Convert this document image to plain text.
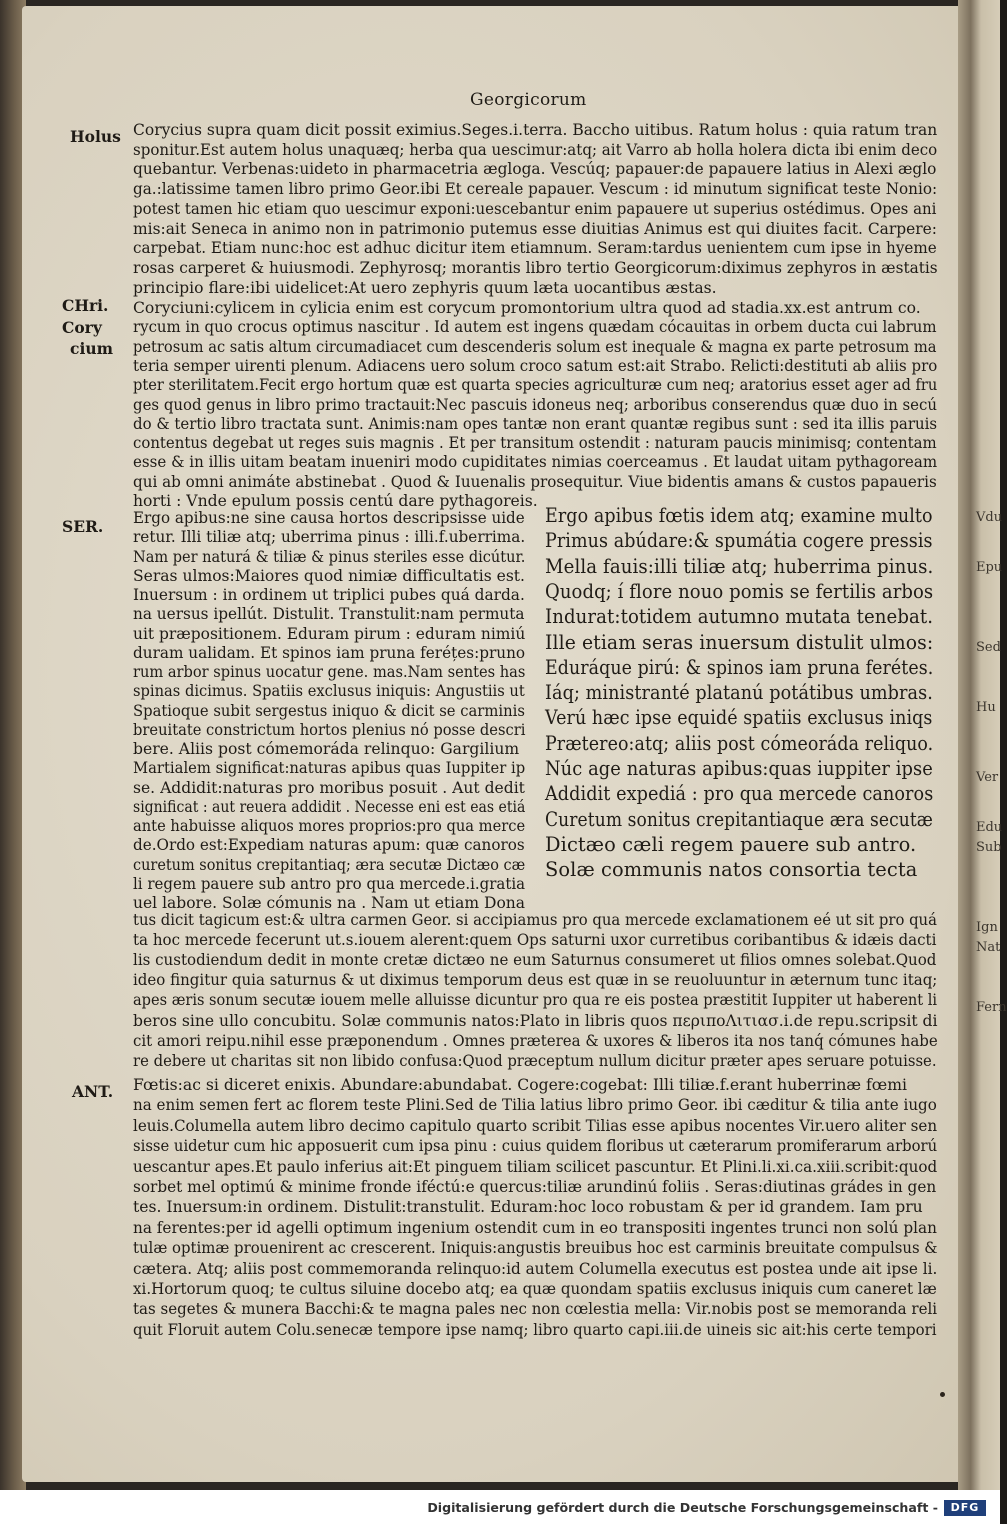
Georgicorum
Holus
CHri.
Cory
cium
SER.
ANT.
Corycius supra quam dicit possit eximius.Seges.i.terra. Baccho uitibus. Ratum holus : quia ratum tran
sponitur.Est autem holus unaquæq; herba qua uescimur:atq; ait Varro ab holla holera dicta ibi enim deco
quebantur. Verbenas:uideto in pharmacetria ægloga. Vescúq; papauer:de papauere latius in Alexi æglo
ga.:latissime tamen libro primo Geor.ibi Et cereale papauer. Vescum : id minutum significat teste Nonio:
potest tamen hic etiam quo uescimur exponi:uescebantur enim papauere ut superius ostédimus. Opes ani
mis:ait Seneca in animo non in patrimonio putemus esse diuitias Animus est qui diuites facit. Carpere:
carpebat. Etiam nunc:hoc est adhuc dicitur item etiamnum. Seram:tardus uenientem cum ipse in hyeme
rosas carperet & huiusmodi. Zephyrosq; morantis libro tertio Georgicorum:diximus zephyros in æstatis
principio flare:ibi uidelicet:At uero zephyris quum læta uocantibus æstas.
Coryciuni:cylicem in cylicia enim est corycum promontorium ultra quod ad stadia.xx.est antrum co.
rycum in quo crocus optimus nascitur . Id autem est ingens quædam cócauitas in orbem ducta cui labrum
petrosum ac satis altum circumadiacet cum descenderis solum est inequale & magna ex parte petrosum ma
teria semper uirenti plenum. Adiacens uero solum croco satum est:ait Strabo. Relicti:destituti ab aliis pro
pter sterilitatem.Fecit ergo hortum quæ est quarta species agriculturæ cum neq; aratorius esset ager ad fru
ges quod genus in libro primo tractauit:Nec pascuis idoneus neq; arboribus conserendus quæ duo in secú
do & tertio libro tractata sunt. Animis:nam opes tantæ non erant quantæ regibus sunt : sed ita illis paruis
contentus degebat ut reges suis magnis . Et per transitum ostendit : naturam paucis minimisq; contentam
esse & in illis uitam beatam inueniri modo cupiditates nimias coerceamus . Et laudat uitam pythagoream
qui ab omni animáte abstinebat . Quod & Iuuenalis prosequitur. Viue bidentis amans & custos papaueris
horti : Vnde epulum possis centú dare pythagoreis.
Ergo apibus:ne sine causa hortos descripsisse uide
retur. Illi tiliæ atq; uberrima pinus : illi.f.uberrima.
Nam per naturá & tiliæ & pinus steriles esse dicútur.
Seras ulmos:Maiores quod nimiæ difficultatis est.
Inuersum : in ordinem ut triplici pubes quá darda.
na uersus ipellút. Distulit. Transtulit:nam permuta
uit præpositionem. Eduram pirum : eduram nimiú
duram ualidam. Et spinos iam pruna feréțes:pruno
rum arbor spinus uocatur gene. mas.Nam sentes has
spinas dicimus. Spatiis exclusus iniquis: Angustiis ut
Spatioque subit sergestus iniquo & dicit se carminis
breuitate constrictum hortos plenius nó posse descri
bere. Aliis post cómemoráda relinquo: Gargilium
Martialem significat:naturas apibus quas Iuppiter ip
se. Addidit:naturas pro moribus posuit . Aut dedit
significat : aut reuera addidit . Necesse eni est eas etiá
ante habuisse aliquos mores proprios:pro qua merce
de.Ordo est:Expediam naturas apum: quæ canoros
curetum sonitus crepitantiaq; æra secutæ Dictæo cæ
li regem pauere sub antro pro qua mercede.i.gratia
uel labore. Solæ cómunis na . Nam ut etiam Dona
Ergo apibus fœtis idem atq; examine multo
Primus abúdare:& spumátia cogere pressis
Mella fauis:illi tiliæ atq; huberrima pinus.
Quodq; í flore nouo pomis se fertilis arbos
Indurat:totidem autumno mutata tenebat.
Ille etiam seras inuersum distulit ulmos:
Eduráque pirú: & spinos iam pruna ferétes.
Iáq; ministranté platanú potátibus umbras.
Verú hæc ipse equidé spatiis exclusus iniqs
Prætereo:atq; aliis post cómeoráda reliquo.
Núc age naturas apibus:quas iuppiter ipse
Addidit expediá : pro qua mercede canoros
Curetum sonitus crepitantiaque æra secutæ
Dictæo cæli regem pauere sub antro.
Solæ communis natos consortia tecta
tus dicit tagicum est:& ultra carmen Geor. si accipiamus pro qua mercede exclamationem eé ut sit pro quá
ta hoc mercede fecerunt ut.s.iouem alerent:quem Ops saturni uxor curretibus coribantibus & idæis dacti
lis custodiendum dedit in monte cretæ dictæo ne eum Saturnus consumeret ut filios omnes solebat.Quod
ideo fingitur quia saturnus & ut diximus temporum deus est quæ in se reuoluuntur in æternum tunc itaq;
apes æris sonum secutæ iouem melle alluisse dicuntur pro qua re eis postea præstitit Iuppiter ut haberent li
beros sine ullo concubitu. Solæ communis natos:Plato in libris quos περιποΛιτιασ.i.de repu.scripsit di
cit amori reipu.nihil esse præponendum . Omnes præterea & uxores & liberos ita nos tanq́ cómunes habe
re debere ut charitas sit non libido confusa:Quod præceptum nullum dicitur præter apes seruare potuisse.
Fœtis:ac si diceret enixis. Abundare:abundabat. Cogere:cogebat: Illi tiliæ.f.erant huberrinæ fœmi
na enim semen fert ac florem teste Plini.Sed de Tilia latius libro primo Geor. ibi cæditur & tilia ante iugo
leuis.Columella autem libro decimo capitulo quarto scribit Tilias esse apibus nocentes Vir.uero aliter sen
sisse uidetur cum hic apposuerit cum ipsa pinu : cuius quidem floribus ut cæterarum promiferarum arború
uescantur apes.Et paulo inferius ait:Et pinguem tiliam scilicet pascuntur. Et Plini.li.xi.ca.xiii.scribit:quod
sorbet mel optimú & minime fronde iféctú:e quercus:tiliæ arundinú foliis . Seras:diutinas grádes in gen
tes. Inuersum:in ordinem. Distulit:transtulit. Eduram:hoc loco robustam & per id grandem. Iam pru
na ferentes:per id agelli optimum ingenium ostendit cum in eo transpositi ingentes trunci non solú plan
tulæ optimæ prouenirent ac crescerent. Iniquis:angustis breuibus hoc est carminis breuitate compulsus &
cætera. Atq; aliis post commemoranda relinquo:id autem Columella executus est postea unde ait ipse li.
xi.Hortorum quoq; te cultus siluine docebo atq; ea quæ quondam spatiis exclusus iniquis cum caneret læ
tas segetes & munera Bacchi:& te magna pales nec non cœlestia mella: Vir.nobis post se memoranda reli
quit Floruit autem Colu.senecæ tempore ipse namq; libro quarto capi.iii.de uineis sic ait:his certe tempori
Vdu
Epu
Sed
Hu
Ver
Edu
Sub
Ign
Nat
Fern
Digitalisierung gefördert durch die Deutsche Forschungsgemeinschaft -	DFG
